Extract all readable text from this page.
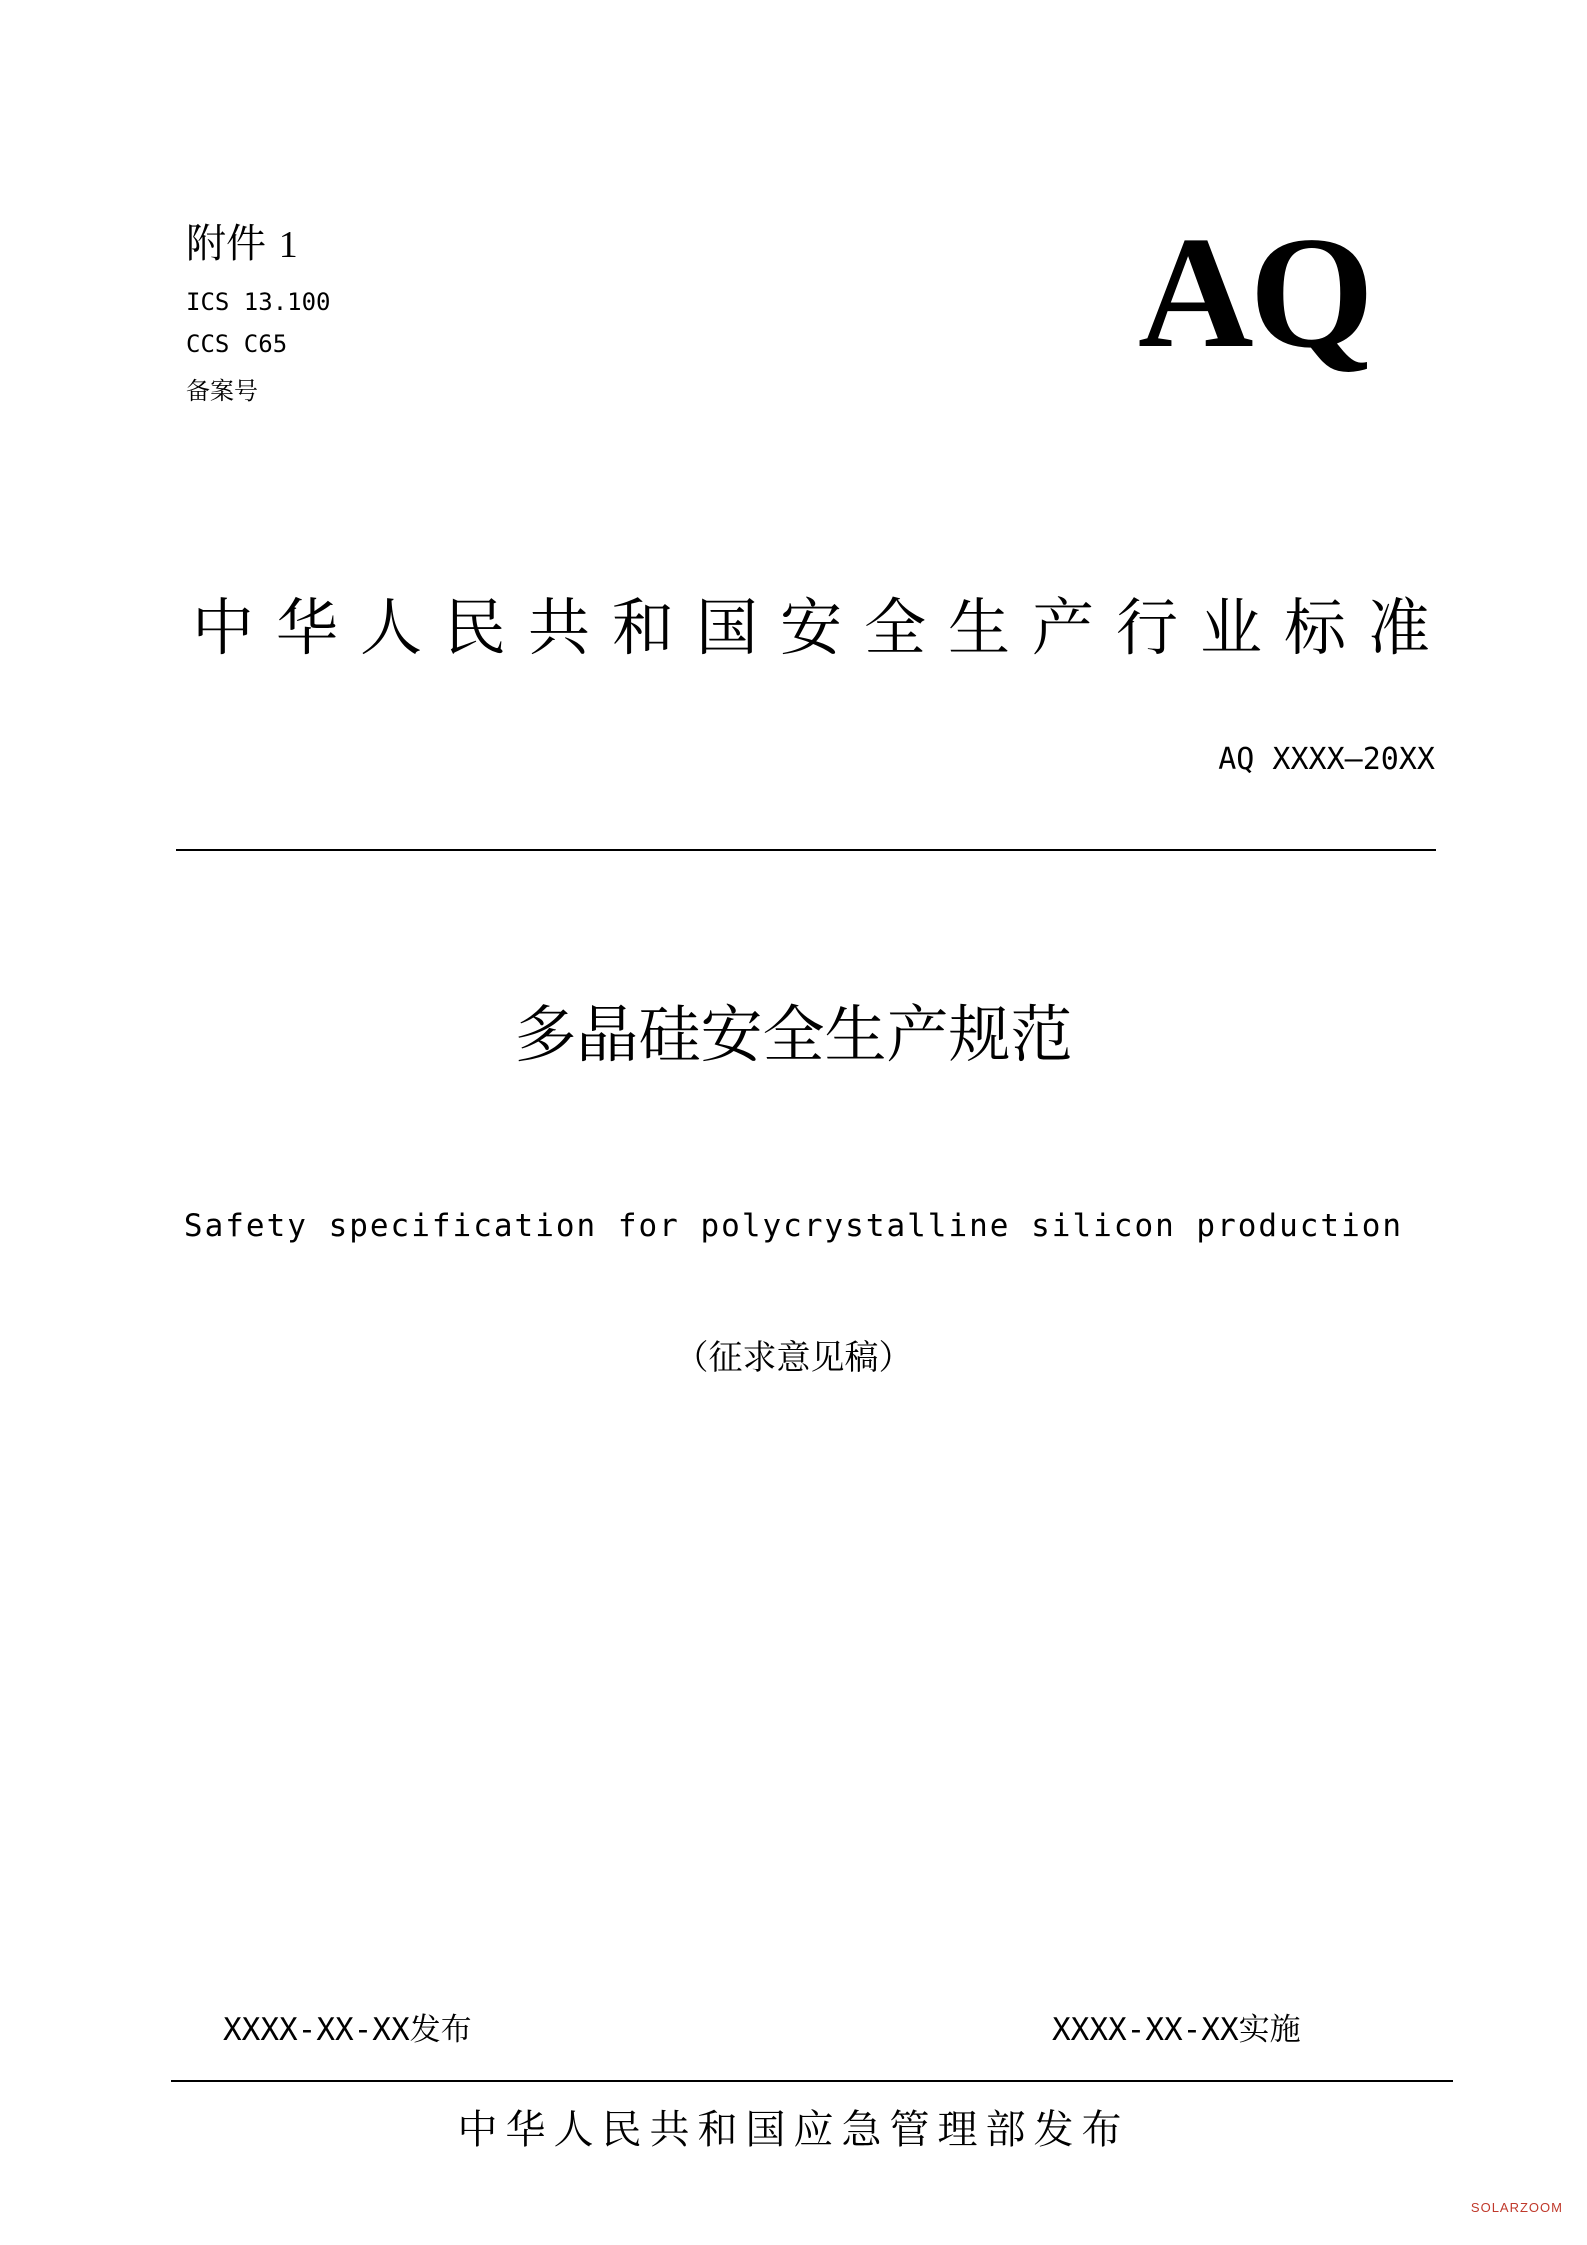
附件 1
ICS 13.100
CCS C65
备案号
AQ
中华人民共和国安全生产行业标准
AQ XXXX—20XX
多晶硅安全生产规范
Safety specification for polycrystalline silicon production
（征求意见稿）
XXXX-XX-XX发布	XXXX-XX-XX实施
中华人民共和国应急管理部发布
SOLARZOOM
